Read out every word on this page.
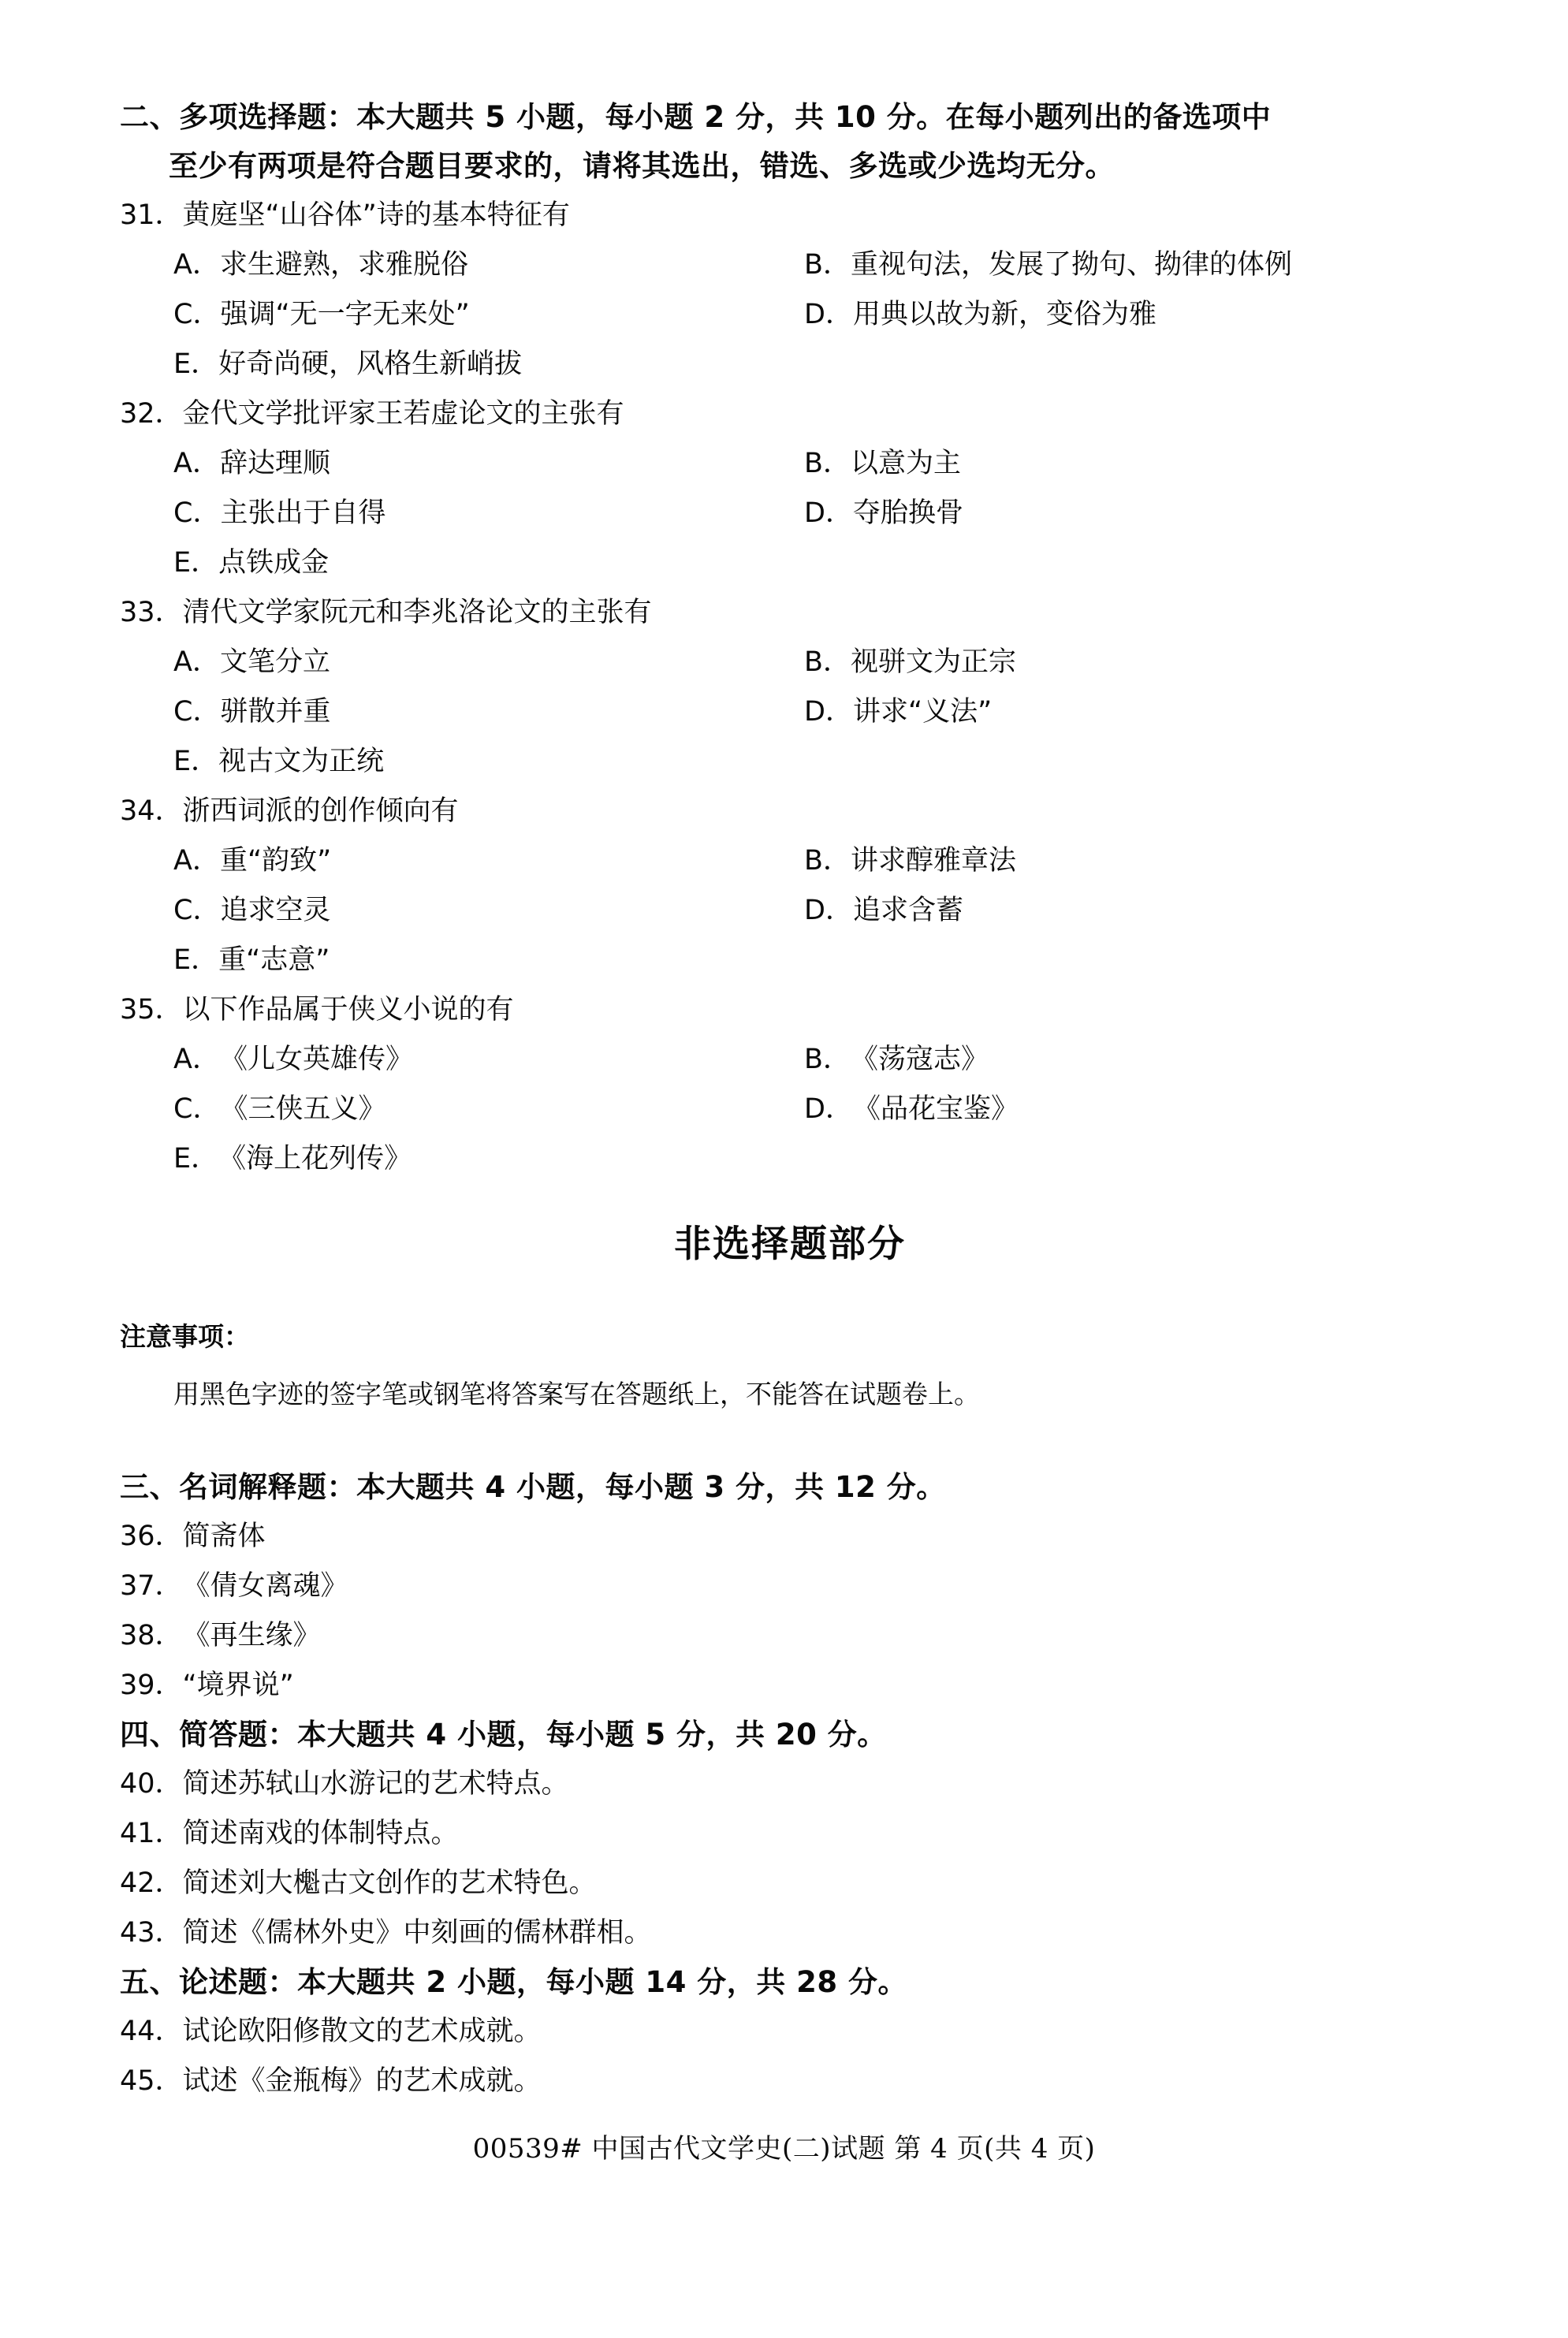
二、多项选择题：本大题共 5 小题，每小题 2 分，共 10 分。在每小题列出的备选项中
至少有两项是符合题目要求的，请将其选出，错选、多选或少选均无分。

31．黄庭坚“山谷体”诗的基本特征有

A．求生避熟，求雅脱俗	B．重视句法，发展了拗句、拗律的体例
C．强调“无一字无来处”	D．用典以故为新，变俗为雅
E．好奇尚硬，风格生新峭拔

32．金代文学批评家王若虚论文的主张有

A．辞达理顺	B．以意为主
C．主张出于自得	D．夺胎换骨
E．点铁成金

33．清代文学家阮元和李兆洛论文的主张有

A．文笔分立	B．视骈文为正宗
C．骈散并重	D．讲求“义法”
E．视古文为正统

34．浙西词派的创作倾向有

A．重“韵致”	B．讲求醇雅章法
C．追求空灵	D．追求含蓄
E．重“志意”

35．以下作品属于侠义小说的有

A．《儿女英雄传》	B．《荡寇志》
C．《三侠五义》	D．《品花宝鉴》
E．《海上花列传》
非选择题部分
注意事项：
用黑色字迹的签字笔或钢笔将答案写在答题纸上，不能答在试题卷上。
三、名词解释题：本大题共 4 小题，每小题 3 分，共 12 分。

36．简斋体

37．《倩女离魂》

38．《再生缘》

39．“境界说”

四、简答题：本大题共 4 小题，每小题 5 分，共 20 分。

40．简述苏轼山水游记的艺术特点。

41．简述南戏的体制特点。

42．简述刘大櫆古文创作的艺术特色。

43．简述《儒林外史》中刻画的儒林群相。

五、论述题：本大题共 2 小题，每小题 14 分，共 28 分。

44．试论欧阳修散文的艺术成就。

45．试述《金瓶梅》的艺术成就。

00539# 中国古代文学史(二)试题 第 4 页(共 4 页)
